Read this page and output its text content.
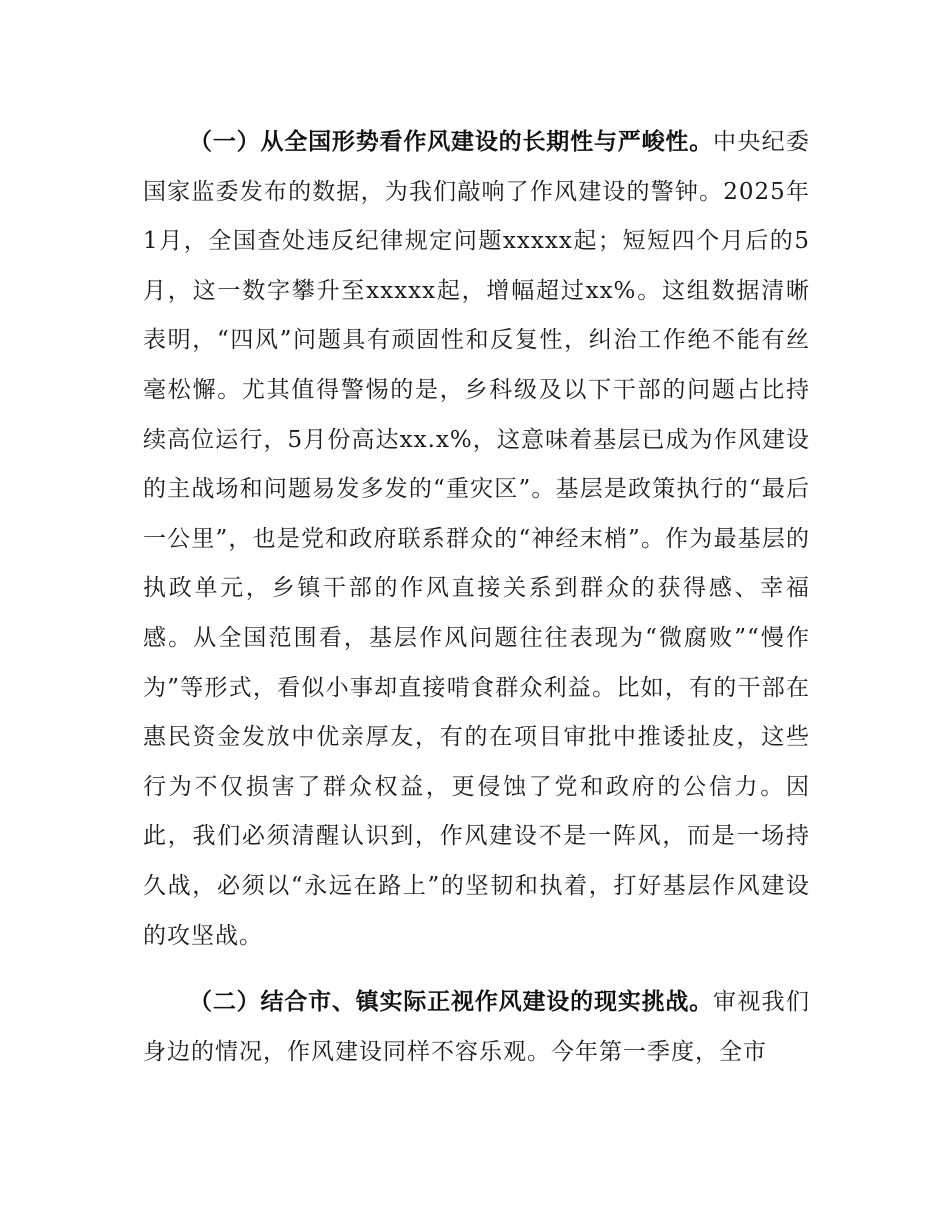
（一）从全国形势看作风建设的长期性与严峻性。中央纪委国家监委发布的数据，为我们敲响了作风建设的警钟。2025年1月，全国查处违反纪律规定问题xxxxx起；短短四个月后的5月，这一数字攀升至xxxxx起，增幅超过xx%。这组数据清晰表明，“四风”问题具有顽固性和反复性，纠治工作绝不能有丝毫松懈。尤其值得警惕的是，乡科级及以下干部的问题占比持续高位运行，5月份高达xx.x%，这意味着基层已成为作风建设的主战场和问题易发多发的“重灾区”。基层是政策执行的“最后一公里”，也是党和政府联系群众的“神经末梢”。作为最基层的执政单元，乡镇干部的作风直接关系到群众的获得感、幸福感。从全国范围看，基层作风问题往往表现为“微腐败”“慢作为”等形式，看似小事却直接啃食群众利益。比如，有的干部在惠民资金发放中优亲厚友，有的在项目审批中推诿扯皮，这些行为不仅损害了群众权益，更侵蚀了党和政府的公信力。因此，我们必须清醒认识到，作风建设不是一阵风，而是一场持久战，必须以“永远在路上”的坚韧和执着，打好基层作风建设的攻坚战。

（二）结合市、镇实际正视作风建设的现实挑战。审视我们身边的情况，作风建设同样不容乐观。今年第一季度，全市
